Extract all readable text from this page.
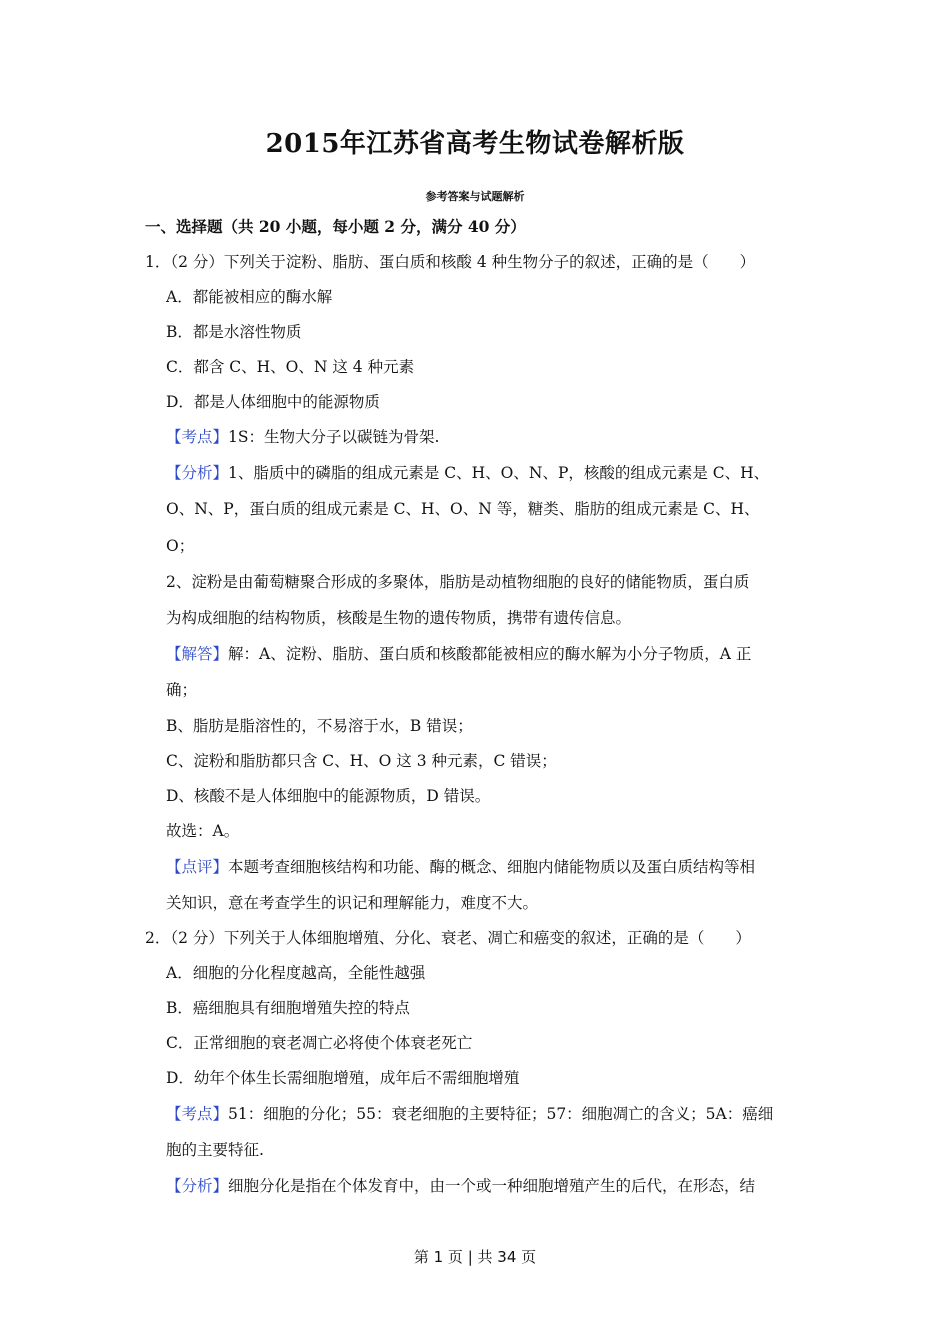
2015年江苏省高考生物试卷解析版
参考答案与试题解析
一、选择题（共 20 小题，每小题 2 分，满分 40 分）
1．（2 分）下列关于淀粉、脂肪、蛋白质和核酸 4 种生物分子的叙述，正确的是（　　）
A．都能被相应的酶水解
B．都是水溶性物质
C．都含 C、H、O、N 这 4 种元素
D．都是人体细胞中的能源物质
【考点】1S：生物大分子以碳链为骨架.
【分析】1、脂质中的磷脂的组成元素是 C、H、O、N、P，核酸的组成元素是 C、H、
O、N、P，蛋白质的组成元素是 C、H、O、N 等，糖类、脂肪的组成元素是 C、H、
O；
2、淀粉是由葡萄糖聚合形成的多聚体，脂肪是动植物细胞的良好的储能物质，蛋白质
为构成细胞的结构物质，核酸是生物的遗传物质，携带有遗传信息。
【解答】解：A、淀粉、脂肪、蛋白质和核酸都能被相应的酶水解为小分子物质，A 正
确；
B、脂肪是脂溶性的，不易溶于水，B 错误；
C、淀粉和脂肪都只含 C、H、O 这 3 种元素，C 错误；
D、核酸不是人体细胞中的能源物质，D 错误。
故选：A。
【点评】本题考查细胞核结构和功能、酶的概念、细胞内储能物质以及蛋白质结构等相
关知识，意在考查学生的识记和理解能力，难度不大。
2．（2 分）下列关于人体细胞增殖、分化、衰老、凋亡和癌变的叙述，正确的是（　　）
A．细胞的分化程度越高，全能性越强
B．癌细胞具有细胞增殖失控的特点
C．正常细胞的衰老凋亡必将使个体衰老死亡
D．幼年个体生长需细胞增殖，成年后不需细胞增殖
【考点】51：细胞的分化；55：衰老细胞的主要特征；57：细胞凋亡的含义；5A：癌细
胞的主要特征.
【分析】细胞分化是指在个体发育中，由一个或一种细胞增殖产生的后代，在形态，结
第 1 页 | 共 34 页
